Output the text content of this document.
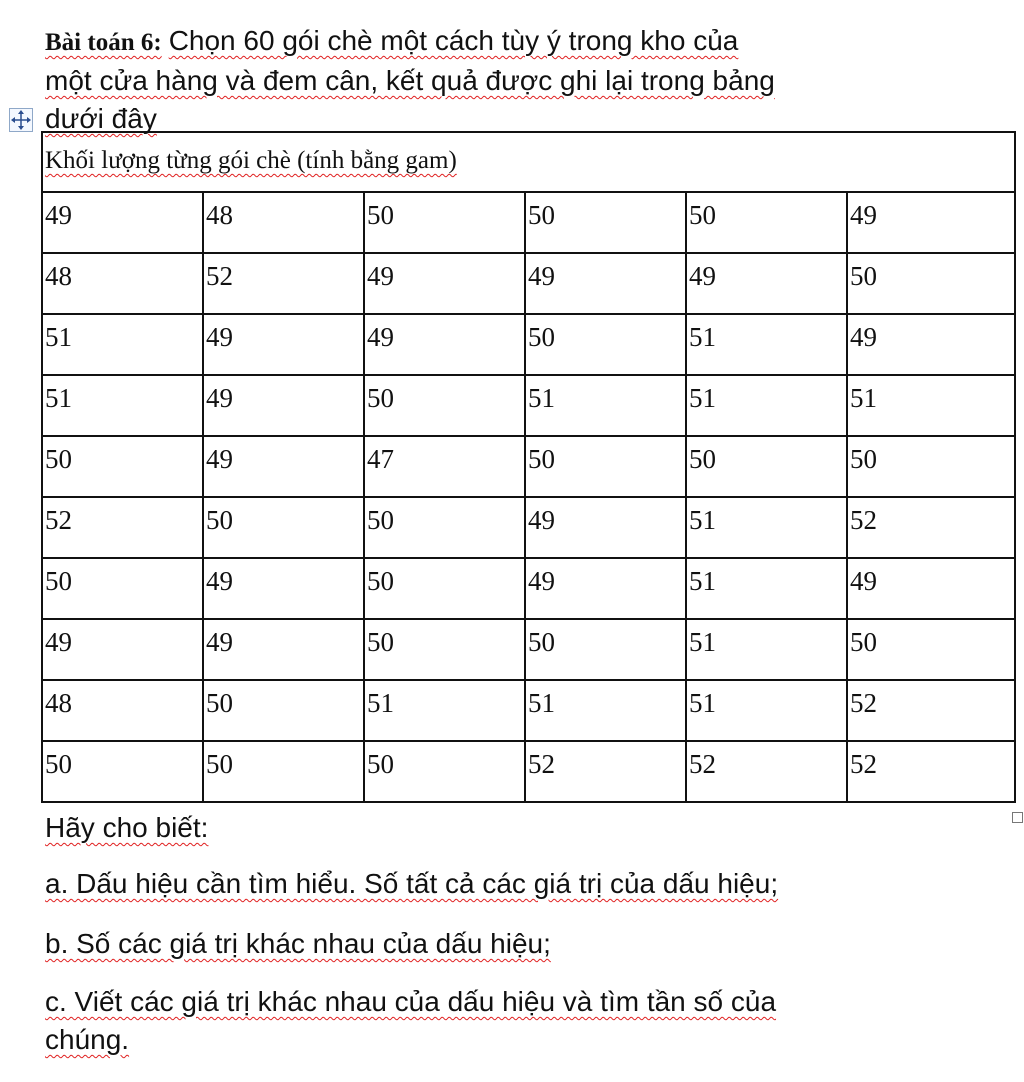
Bài toán 6: Chọn 60 gói chè một cách tùy ý trong kho của
một cửa hàng và đem cân, kết quả được ghi lại trong bảng
dưới đây
Khối lượng từng gói chè (tính bằng gam)					
49	48	50	50	50	49
48	52	49	49	49	50
51	49	49	50	51	49
51	49	50	51	51	51
50	49	47	50	50	50
52	50	50	49	51	52
50	49	50	49	51	49
49	49	50	50	51	50
48	50	51	51	51	52
50	50	50	52	52	52
Hãy cho biết:
a. Dấu hiệu cần tìm hiểu. Số tất cả các giá trị của dấu hiệu;
b. Số các giá trị khác nhau của dấu hiệu;
c. Viết các giá trị khác nhau của dấu hiệu và tìm tần số của
chúng.
